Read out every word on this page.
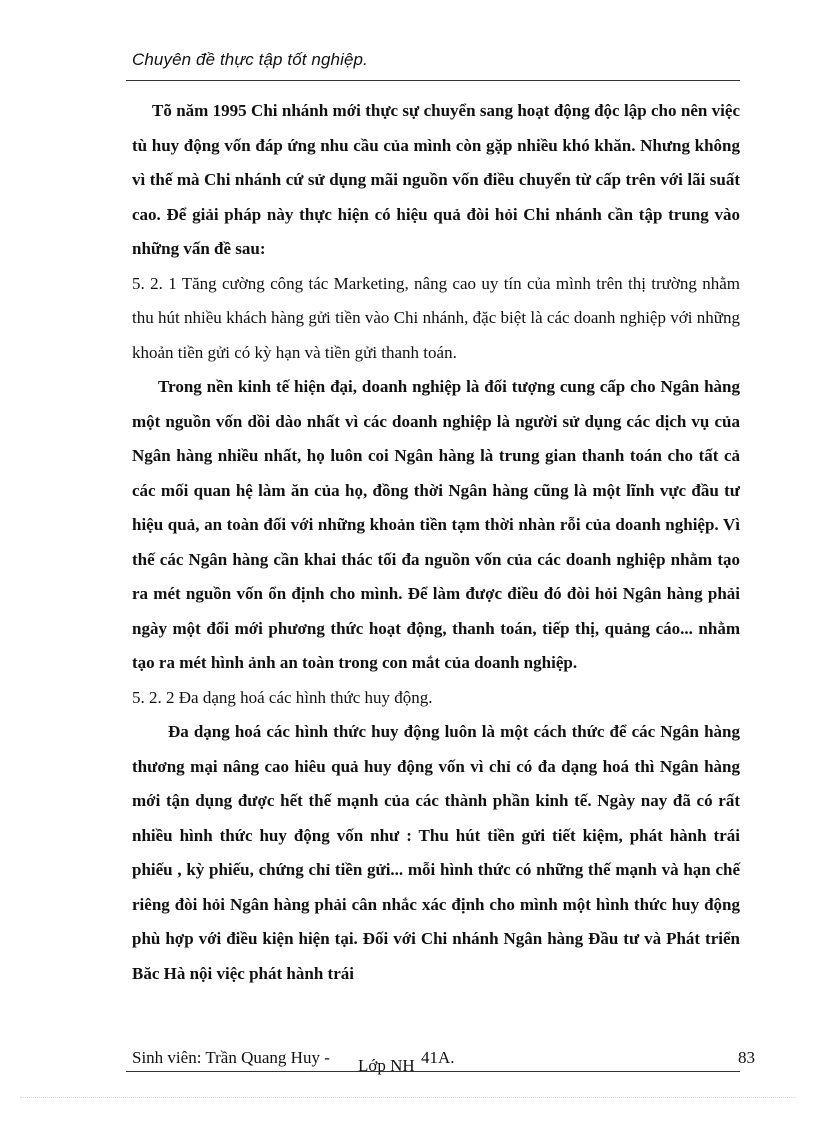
Chuyên đề thực tập tốt nghiệp.

Tõ năm 1995 Chi nhánh mới thực sự chuyển sang hoạt động độc lập cho nên việc tù huy động vốn đáp ứng nhu cầu của mình còn gặp nhiều khó khăn. Nhưng không vì thế mà Chi nhánh cứ sử dụng mãi nguồn vốn điều chuyển từ cấp trên với lãi suất cao. Để giải pháp này thực hiện có hiệu quả đòi hỏi Chi nhánh cần tập trung vào những vấn đề sau:

5. 2. 1 Tăng cường công tác Marketing, nâng cao uy tín của mình trên thị trường nhằm thu hút nhiều khách hàng gửi tiền vào Chi nhánh, đặc biệt là các doanh nghiệp với những khoản tiền gửi có kỳ hạn và tiền gửi thanh toán.

Trong nền kinh tế hiện đại, doanh nghiệp là đối tượng cung cấp cho Ngân hàng một nguồn vốn dồi dào nhất vì các doanh nghiệp là người sử dụng các dịch vụ của Ngân hàng nhiều nhất, họ luôn coi Ngân hàng là trung gian thanh toán cho tất cả các mối quan hệ làm ăn của họ, đồng thời Ngân hàng cũng là một lĩnh vực đầu tư hiệu quả, an toàn đối với những khoản tiền tạm thời nhàn rỗi của doanh nghiệp. Vì thế các Ngân hàng cần khai thác tối đa nguồn vốn của các doanh nghiệp nhằm tạo ra mét nguồn vốn ổn định cho mình. Để làm được điều đó đòi hỏi Ngân hàng phải ngày một đổi mới phương thức hoạt động, thanh toán, tiếp thị, quảng cáo... nhằm tạo ra mét hình ảnh an toàn trong con mắt của doanh nghiệp.

5. 2. 2 Đa dạng hoá các hình thức huy động.

Đa dạng hoá các hình thức huy động luôn là một cách thức để các Ngân hàng thương mại nâng cao hiêu quả huy động vốn vì chỉ có đa dạng hoá thì Ngân hàng mới tận dụng được hết thế mạnh của các thành phần kinh tế. Ngày nay đã có rất nhiều hình thức huy động vốn như : Thu hút tiền gửi tiết kiệm, phát hành trái phiếu , kỳ phiếu, chứng chỉ tiền gửi... mỗi hình thức có những thế mạnh và hạn chế riêng đòi hỏi Ngân hàng phải cân nhắc xác định cho mình một hình thức huy động phù hợp với điều kiện hiện tại. Đối với Chi nhánh Ngân hàng Đầu tư và Phát triển Băc Hà nội việc phát hành trái

Sinh viên: Trần Quang Huy - Lớp NH 41A.	83
